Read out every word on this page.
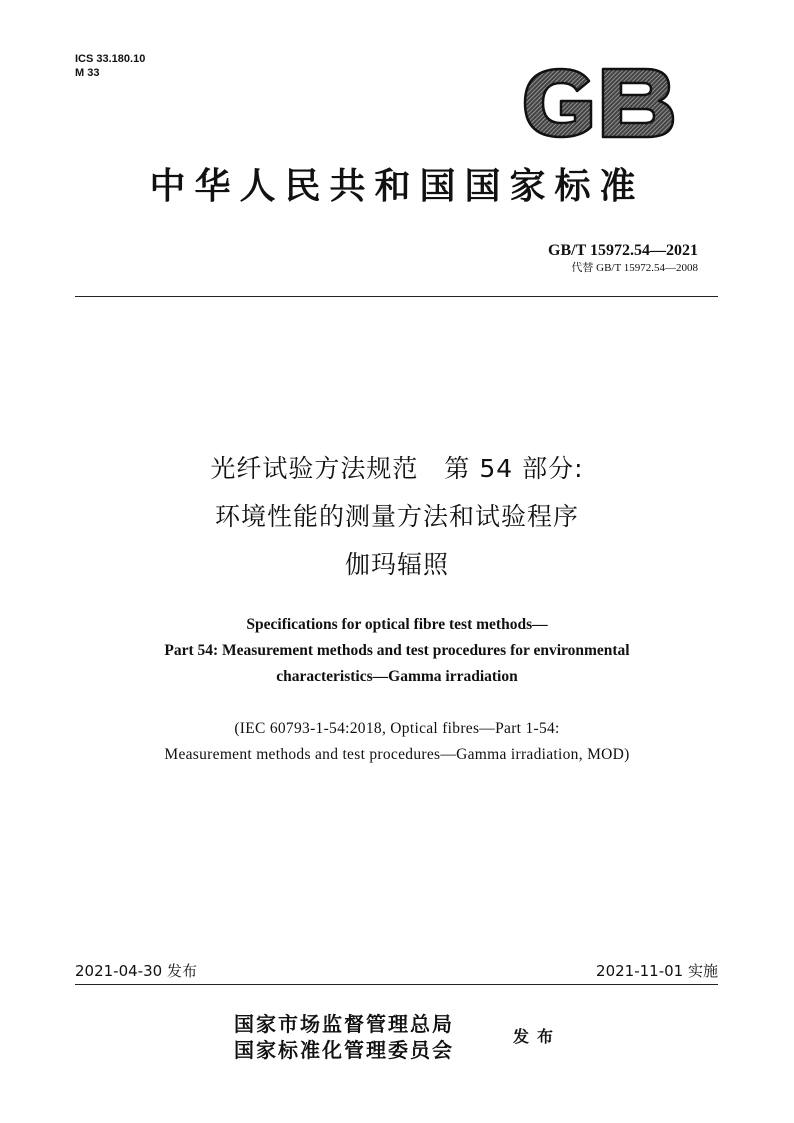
ICS 33.180.10
M 33
中华人民共和国国家标准
GB/T 15972.54—2021
代替 GB/T 15972.54—2008
光纤试验方法规范　第 54 部分:
环境性能的测量方法和试验程序
伽玛辐照
Specifications for optical fibre test methods—
Part 54: Measurement methods and test procedures for environmental
characteristics—Gamma irradiation
(IEC 60793-1-54:2018, Optical fibres—Part 1-54:
Measurement methods and test procedures—Gamma irradiation, MOD)
2021-04-30 发布	2021-11-01 实施
国家市场监督管理总局
国家标准化管理委员会
发布
